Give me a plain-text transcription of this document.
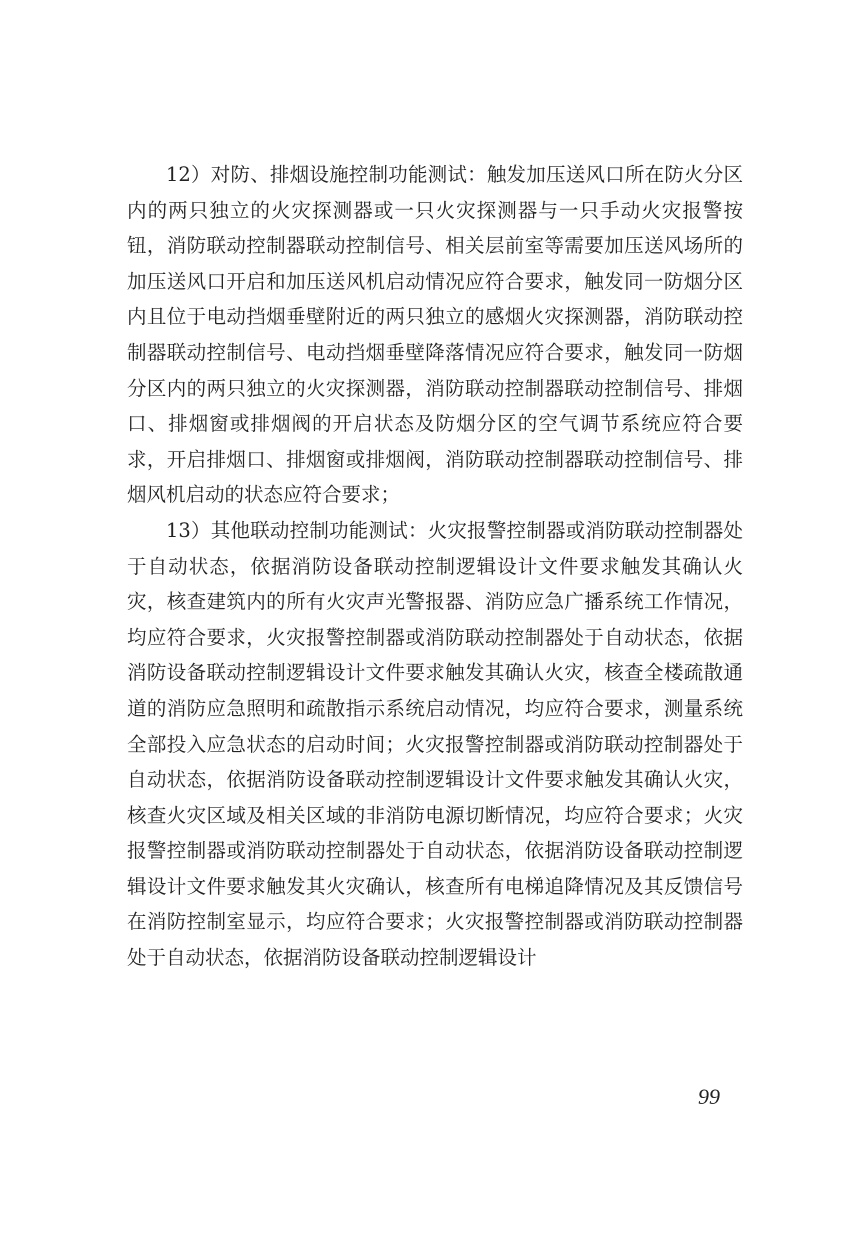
12）对防、排烟设施控制功能测试：触发加压送风口所在防火分区内的两只独立的火灾探测器或一只火灾探测器与一只手动火灾报警按钮，消防联动控制器联动控制信号、相关层前室等需要加压送风场所的加压送风口开启和加压送风机启动情况应符合要求，触发同一防烟分区内且位于电动挡烟垂壁附近的两只独立的感烟火灾探测器，消防联动控制器联动控制信号、电动挡烟垂壁降落情况应符合要求，触发同一防烟分区内的两只独立的火灾探测器，消防联动控制器联动控制信号、排烟口、排烟窗或排烟阀的开启状态及防烟分区的空气调节系统应符合要求，开启排烟口、排烟窗或排烟阀，消防联动控制器联动控制信号、排烟风机启动的状态应符合要求；

13）其他联动控制功能测试：火灾报警控制器或消防联动控制器处于自动状态，依据消防设备联动控制逻辑设计文件要求触发其确认火灾，核查建筑内的所有火灾声光警报器、消防应急广播系统工作情况，均应符合要求，火灾报警控制器或消防联动控制器处于自动状态，依据消防设备联动控制逻辑设计文件要求触发其确认火灾，核查全楼疏散通道的消防应急照明和疏散指示系统启动情况，均应符合要求，测量系统全部投入应急状态的启动时间；火灾报警控制器或消防联动控制器处于自动状态，依据消防设备联动控制逻辑设计文件要求触发其确认火灾，核查火灾区域及相关区域的非消防电源切断情况，均应符合要求；火灾报警控制器或消防联动控制器处于自动状态，依据消防设备联动控制逻辑设计文件要求触发其火灾确认，核查所有电梯追降情况及其反馈信号在消防控制室显示，均应符合要求；火灾报警控制器或消防联动控制器处于自动状态，依据消防设备联动控制逻辑设计

99
